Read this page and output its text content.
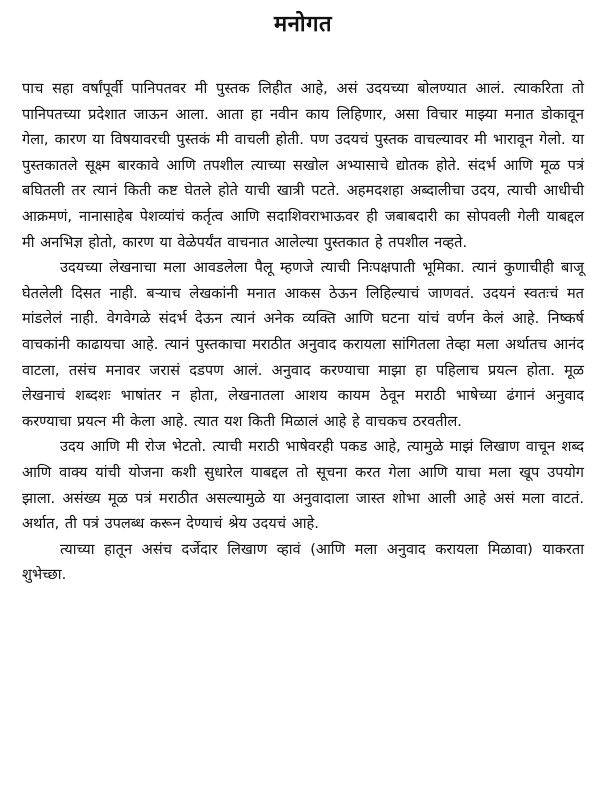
मनोगत

पाच सहा वर्षांपूर्वी पानिपतवर मी पुस्तक लिहीत आहे, असं उदयच्या बोलण्यात आलं. त्याकरिता तो पानिपतच्या प्रदेशात जाऊन आला. आता हा नवीन काय लिहिणार, असा विचार माझ्या मनात डोकावून गेला, कारण या विषयावरची पुस्तकं मी वाचली होती. पण उदयचं पुस्तक वाचल्यावर मी भारावून गेलो. या पुस्तकातले सूक्ष्म बारकावे आणि तपशील त्याच्या सखोल अभ्यासाचे द्योतक होते. संदर्भ आणि मूळ पत्रं बघितली तर त्यानं किती कष्ट घेतले होते याची खात्री पटते. अहमदशहा अब्दालीचा उदय, त्याची आधीची आक्रमणं, नानासाहेब पेशव्यांचं कर्तृत्व आणि सदाशिवराभाऊवर ही जबाबदारी का सोपवली गेली याबद्दल मी अनभिज्ञ होतो, कारण या वेळेपर्यंत वाचनात आलेल्या पुस्तकात हे तपशील नव्हते.

उदयच्या लेखनाचा मला आवडलेला पैलू म्हणजे त्याची निःपक्षपाती भूमिका. त्यानं कुणाचीही बाजू घेतलेली दिसत नाही. बऱ्याच लेखकांनी मनात आकस ठेऊन लिहिल्याचं जाणवतं. उदयनं स्वतःचं मत मांडलेलं नाही. वेगवेगळे संदर्भ देऊन त्यानं अनेक व्यक्ति आणि घटना यांचं वर्णन केलं आहे. निष्कर्ष वाचकांनी काढायचा आहे. त्यानं पुस्तकाचा मराठीत अनुवाद करायला सांगितला तेव्हा मला अर्थातच आनंद वाटला, तसंच मनावर जरासं दडपण आलं. अनुवाद करण्याचा माझा हा पहिलाच प्रयत्न होता. मूळ लेखनाचं शब्दशः भाषांतर न होता, लेखनातला आशय कायम ठेवून मराठी भाषेच्या ढंगानं अनुवाद करण्याचा प्रयत्न मी केला आहे. त्यात यश किती मिळालं आहे हे वाचकच ठरवतील.

उदय आणि मी रोज भेटतो. त्याची मराठी भाषेवरही पकड आहे, त्यामुळे माझं लिखाण वाचून शब्द आणि वाक्य यांची योजना कशी सुधारेल याबद्दल तो सूचना करत गेला आणि याचा मला खूप उपयोग झाला. असंख्य मूळ पत्रं मराठीत असल्यामुळे या अनुवादाला जास्त शोभा आली आहे असं मला वाटतं. अर्थात, ती पत्रं उपलब्ध करून देण्याचं श्रेय उदयचं आहे.

त्याच्या हातून असंच दर्जेदार लिखाण व्हावं (आणि मला अनुवाद करायला मिळावा) याकरता शुभेच्छा.
